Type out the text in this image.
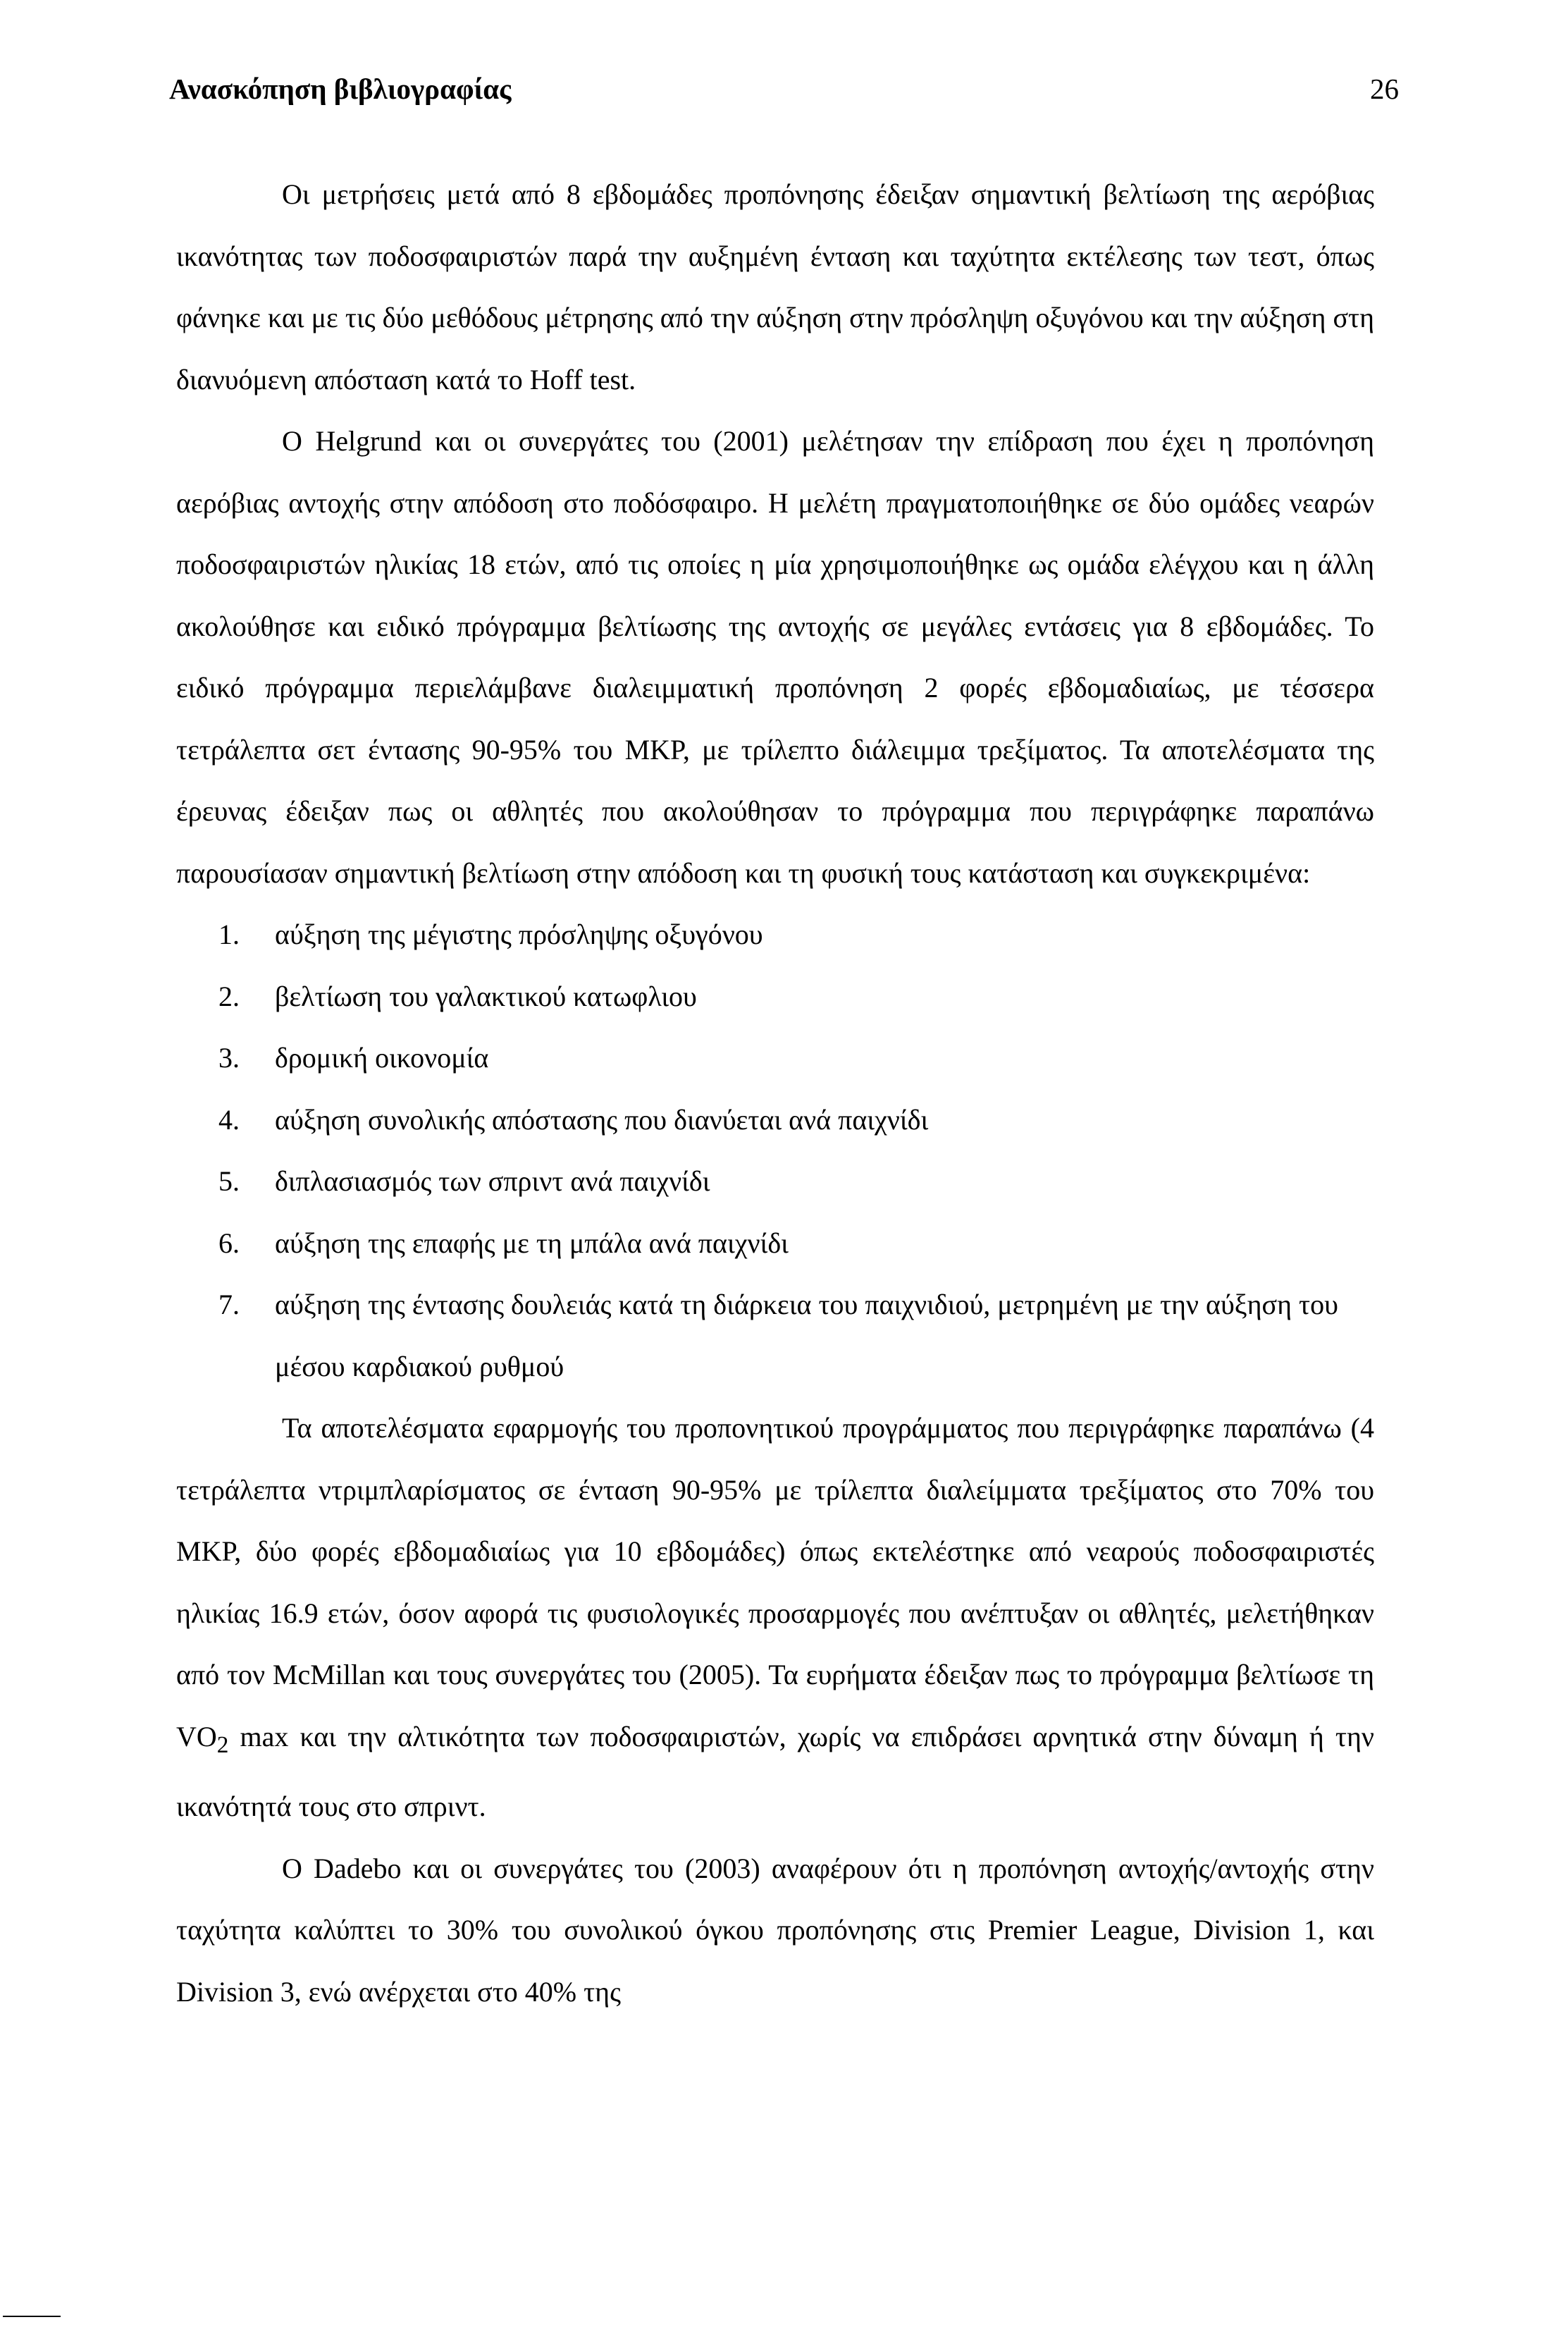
Ανασκόπηση βιβλιογραφίας	26

Οι μετρήσεις μετά από 8 εβδομάδες προπόνησης έδειξαν σημαντική βελτίωση της αερόβιας ικανότητας των ποδοσφαιριστών παρά την αυξημένη ένταση και ταχύτητα εκτέλεσης των τεστ, όπως φάνηκε και με τις δύο μεθόδους μέτρησης από την αύξηση στην πρόσληψη οξυγόνου και την αύξηση στη διανυόμενη απόσταση κατά το Hoff test.

Ο Helgrund και οι συνεργάτες του (2001) μελέτησαν την επίδραση που έχει η προπόνηση αερόβιας αντοχής στην απόδοση στο ποδόσφαιρο. Η μελέτη πραγματοποιήθηκε σε δύο ομάδες νεαρών ποδοσφαιριστών ηλικίας 18 ετών, από τις οποίες η μία χρησιμοποιήθηκε ως ομάδα ελέγχου και η άλλη ακολούθησε και ειδικό πρόγραμμα βελτίωσης της αντοχής σε μεγάλες εντάσεις για 8 εβδομάδες. Το ειδικό πρόγραμμα περιελάμβανε διαλειμματική προπόνηση 2 φορές εβδομαδιαίως, με τέσσερα τετράλεπτα σετ έντασης 90-95% του ΜΚΡ, με τρίλεπτο διάλειμμα τρεξίματος. Τα αποτελέσματα της έρευνας έδειξαν πως οι αθλητές που ακολούθησαν το πρόγραμμα που περιγράφηκε παραπάνω παρουσίασαν σημαντική βελτίωση στην απόδοση και τη φυσική τους κατάσταση και συγκεκριμένα:

1. αύξηση της μέγιστης πρόσληψης οξυγόνου
2. βελτίωση του γαλακτικού κατωφλιου
3. δρομική οικονομία
4. αύξηση συνολικής απόστασης που διανύεται ανά παιχνίδι
5. διπλασιασμός των σπριντ ανά παιχνίδι
6. αύξηση της επαφής με τη μπάλα ανά παιχνίδι
7. αύξηση της έντασης δουλειάς κατά τη διάρκεια του παιχνιδιού, μετρημένη με την αύξηση του μέσου καρδιακού ρυθμού

Τα αποτελέσματα εφαρμογής του προπονητικού προγράμματος που περιγράφηκε παραπάνω (4 τετράλεπτα ντριμπλαρίσματος σε ένταση 90-95% με τρίλεπτα διαλείμματα τρεξίματος στο 70% του ΜΚΡ, δύο φορές εβδομαδιαίως για 10 εβδομάδες) όπως εκτελέστηκε από νεαρούς ποδοσφαιριστές ηλικίας 16.9 ετών, όσον αφορά τις φυσιολογικές προσαρμογές που ανέπτυξαν οι αθλητές, μελετήθηκαν από τον McMillan και τους συνεργάτες του (2005). Τα ευρήματα έδειξαν πως το πρόγραμμα βελτίωσε τη $VO_2$ max και την αλτικότητα των ποδοσφαιριστών, χωρίς να επιδράσει αρνητικά στην δύναμη ή την ικανότητά τους στο σπριντ.

Ο Dadebo και οι συνεργάτες του (2003) αναφέρουν ότι η προπόνηση αντοχής/αντοχής στην ταχύτητα καλύπτει το 30% του συνολικού όγκου προπόνησης στις Premier League, Division 1, και Division 3, ενώ ανέρχεται στο 40% της
